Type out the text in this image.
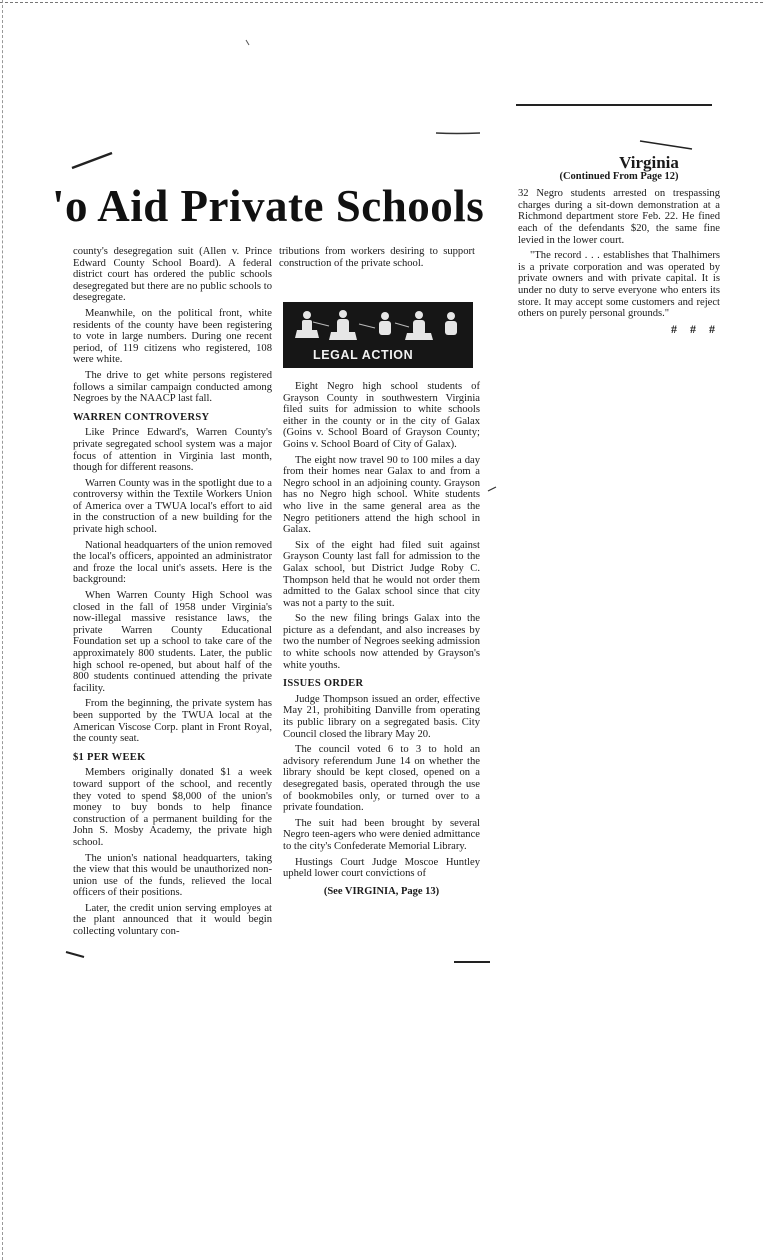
'o Aid Private Schools

county's desegregation suit (Allen v. Prince Edward County School Board). A federal district court has ordered the public schools desegregated but there are no public schools to desegregate.

Meanwhile, on the political front, white residents of the county have been registering to vote in large numbers. During one recent period, of 119 citizens who registered, 108 were white.

The drive to get white persons registered follows a similar campaign conducted among Negroes by the NAACP last fall.

WARREN CONTROVERSY

Like Prince Edward's, Warren County's private segregated school system was a major focus of attention in Virginia last month, though for different reasons.

Warren County was in the spotlight due to a controversy within the Textile Workers Union of America over a TWUA local's effort to aid in the construction of a new building for the private high school.

National headquarters of the union removed the local's officers, appointed an administrator and froze the local unit's assets. Here is the background:

When Warren County High School was closed in the fall of 1958 under Virginia's now-illegal massive resistance laws, the private Warren County Educational Foundation set up a school to take care of the approximately 800 students. Later, the public high school re-opened, but about half of the 800 students continued attending the private facility.

From the beginning, the private system has been supported by the TWUA local at the American Viscose Corp. plant in Front Royal, the county seat.

$1 PER WEEK

Members originally donated $1 a week toward support of the school, and recently they voted to spend $8,000 of the union's money to buy bonds to help finance construction of a permanent building for the John S. Mosby Academy, the private high school.

The union's national headquarters, taking the view that this would be unauthorized non-union use of the funds, relieved the local officers of their positions.

Later, the credit union serving employes at the plant announced that it would begin collecting voluntary con-

tributions from workers desiring to support construction of the private school.

LEGAL ACTION

Eight Negro high school students of Grayson County in southwestern Virginia filed suits for admission to white schools either in the county or in the city of Galax (Goins v. School Board of Grayson County; Goins v. School Board of City of Galax).

The eight now travel 90 to 100 miles a day from their homes near Galax to and from a Negro school in an adjoining county. Grayson has no Negro high school. White students who live in the same general area as the Negro petitioners attend the high school in Galax.

Six of the eight had filed suit against Grayson County last fall for admission to the Galax school, but District Judge Roby C. Thompson held that he would not order them admitted to the Galax school since that city was not a party to the suit.

So the new filing brings Galax into the picture as a defendant, and also increases by two the number of Negroes seeking admission to white schools now attended by Grayson's white youths.

ISSUES ORDER

Judge Thompson issued an order, effective May 21, prohibiting Danville from operating its public library on a segregated basis. City Council closed the library May 20.

The council voted 6 to 3 to hold an advisory referendum June 14 on whether the library should be kept closed, opened on a desegregated basis, operated through the use of bookmobiles only, or turned over to a private foundation.

The suit had been brought by several Negro teen-agers who were denied admittance to the city's Confederate Memorial Library.

Hustings Court Judge Moscoe Huntley upheld lower court convictions of

(See VIRGINIA, Page 13)
Virginia
(Continued From Page 12)

32 Negro students arrested on trespassing charges during a sit-down demonstration at a Richmond department store Feb. 22. He fined each of the defendants $20, the same fine levied in the lower court.

"The record . . . establishes that Thalhimers is a private corporation and was operated by private owners and with private capital. It is under no duty to serve everyone who enters its store. It may accept some customers and reject others on purely personal grounds."

# # #
